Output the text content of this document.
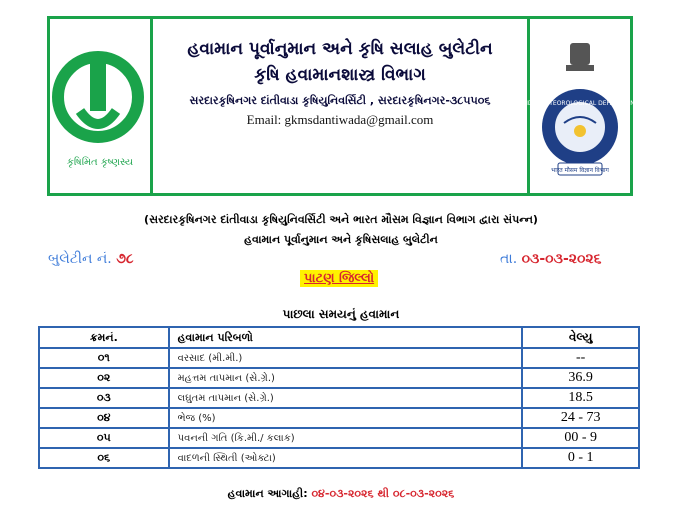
કૃષિમિત કૃષ્ણસ્ય
હવામાન પૂર્વાનુમાન અને કૃષિ સલાહ બુલેટીન
કૃષિ હવામાનશાસ્ત્ર વિભાગ
સરદારકૃષિનગર દાંતીવાડા કૃષિયુનિવર્સિટી , સરદારકૃષિનગર-૩૮૫૫૦૬
Email: gkmsdantiwada@gmail.com
INDIA METEOROLOGICAL DEPARTMENT
भारत मौसम विज्ञान विभाग
(સરદારકૃષિનગર દાંતીવાડા કૃષિયુનિવર્સિટી અને ભારત મૌસમ વિજ્ઞાન વિભાગ દ્વારા સંપન્ન)
હવામાન પૂર્વાનુમાન અને કૃષિસલાહ બુલેટીન
બુલેટીન નં. ૭૮	તા. ૦૩-૦૩-૨૦૨૬
પાટણ જિલ્લો
પાછલા સમયનું હવામાન
ક્રમનં.	હવામાન પરિબળો	વેલ્યુ
૦૧	વરસાદ (મી.મી.)	--
૦૨	મહત્તમ તાપમાન (સે.ગ્રે.)	36.9
૦૩	લઘુતમ તાપમાન (સે.ગ્રે.)	18.5
૦૪	ભેજ (%)	24 - 73
૦૫	પવનની ગતિ (કિ.મી./ કલાક)	00 - 9
૦૬	વાદળની સ્થિતી (ઓક્ટા)	0 - 1
હવામાન આગાહી: ૦૪-૦૩-૨૦૨૬ થી ૦૮-૦૩-૨૦૨૬
